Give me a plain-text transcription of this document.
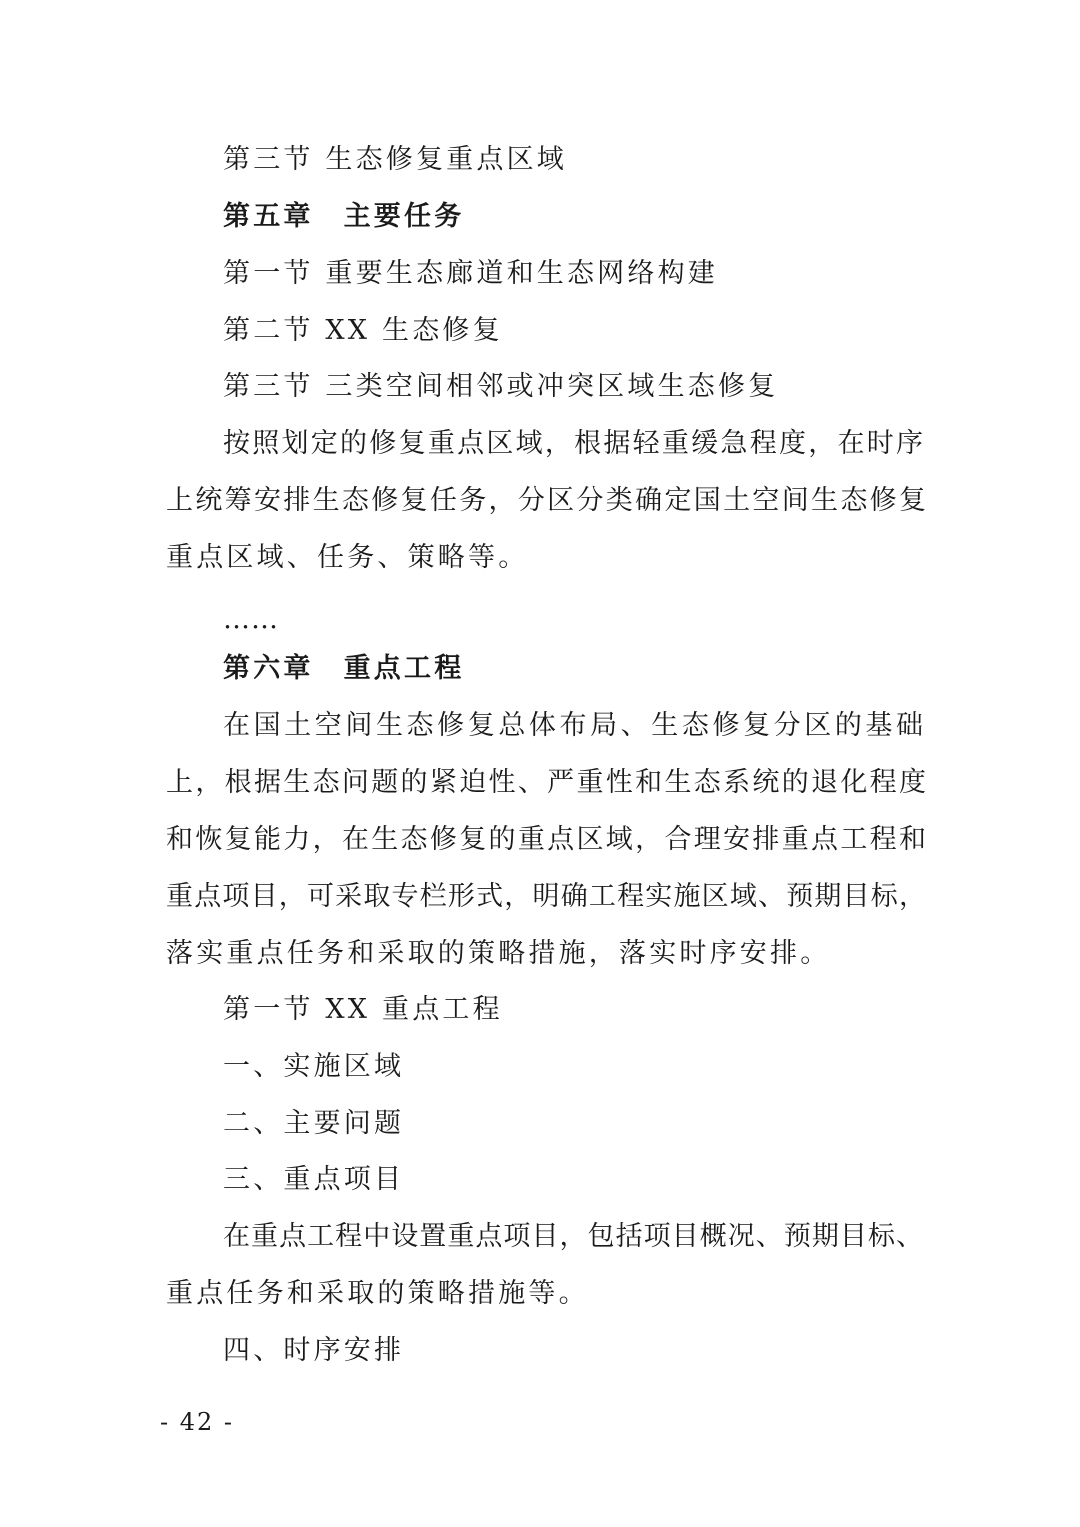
第三节 生态修复重点区域
第五章 主要任务
第一节 重要生态廊道和生态网络构建
第二节 XX 生态修复
第三节 三类空间相邻或冲突区域生态修复
按照划定的修复重点区域，根据轻重缓急程度，在时序
上统筹安排生态修复任务，分区分类确定国土空间生态修复
重点区域、任务、策略等。
……
第六章 重点工程
在国土空间生态修复总体布局、生态修复分区的基础
上，根据生态问题的紧迫性、严重性和生态系统的退化程度
和恢复能力，在生态修复的重点区域，合理安排重点工程和
重点项目，可采取专栏形式，明确工程实施区域、预期目标，
落实重点任务和采取的策略措施，落实时序安排。
第一节 XX 重点工程
一、实施区域
二、主要问题
三、重点项目
在重点工程中设置重点项目，包括项目概况、预期目标、
重点任务和采取的策略措施等。
四、时序安排
- 42 -
